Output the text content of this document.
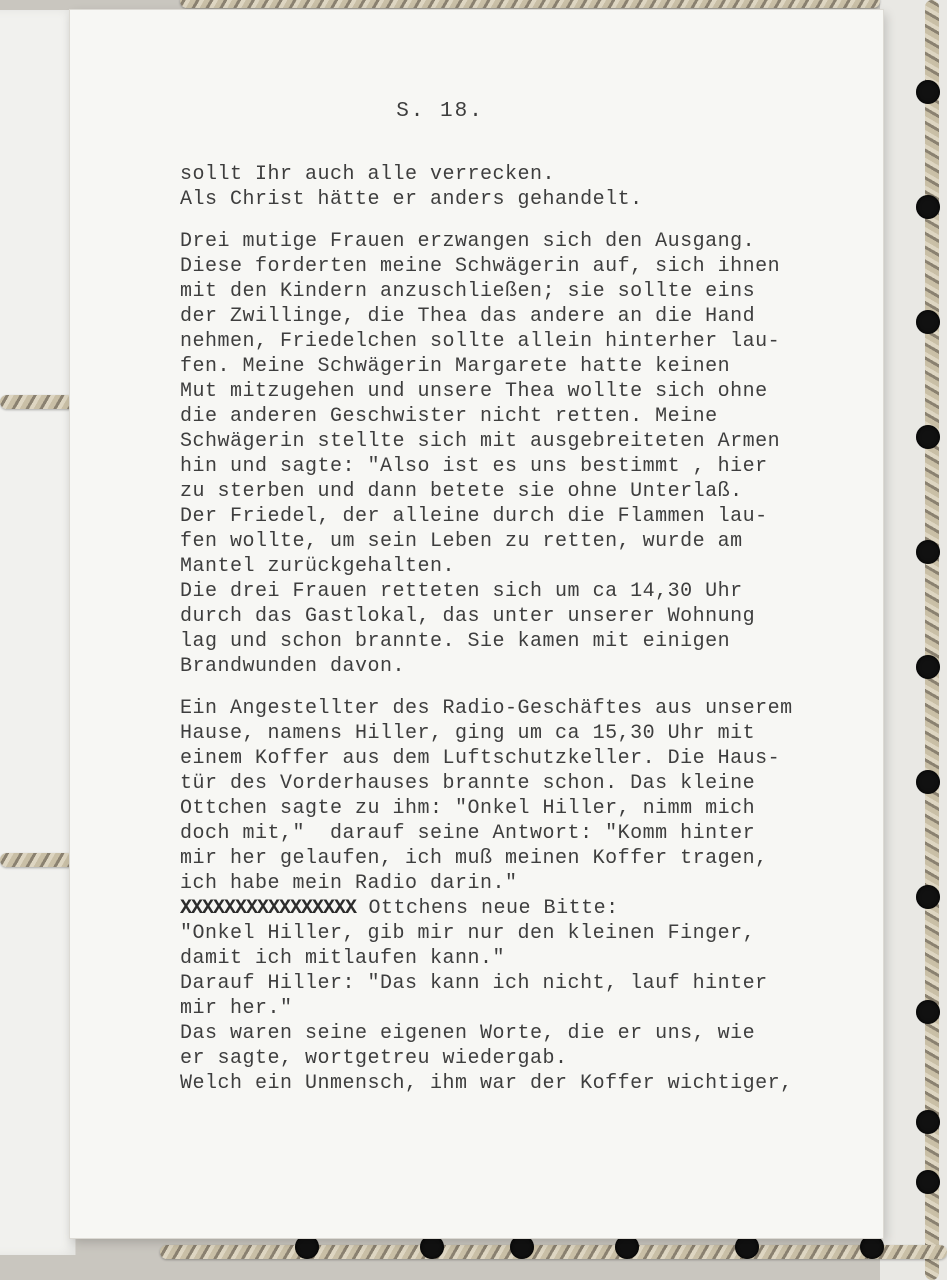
S. 18.

sollt Ihr auch alle verrecken.
Als Christ hätte er anders gehandelt.
Drei mutige Frauen erzwangen sich den Ausgang.
Diese forderten meine Schwägerin auf, sich ihnen
mit den Kindern anzuschließen; sie sollte eins
der Zwillinge, die Thea das andere an die Hand
nehmen, Friedelchen sollte allein hinterher lau-
fen. Meine Schwägerin Margarete hatte keinen
Mut mitzugehen und unsere Thea wollte sich ohne
die anderen Geschwister nicht retten. Meine
Schwägerin stellte sich mit ausgebreiteten Armen
hin und sagte: "Also ist es uns bestimmt , hier
zu sterben und dann betete sie ohne Unterlaß.
Der Friedel, der alleine durch die Flammen lau-
fen wollte, um sein Leben zu retten, wurde am
Mantel zurückgehalten.
Die drei Frauen retteten sich um ca 14,30 Uhr
durch das Gastlokal, das unter unserer Wohnung
lag und schon brannte. Sie kamen mit einigen
Brandwunden davon.
Ein Angestellter des Radio-Geschäftes aus unserem
Hause, namens Hiller, ging um ca 15,30 Uhr mit
einem Koffer aus dem Luftschutzkeller. Die Haus-
tür des Vorderhauses brannte schon. Das kleine
Ottchen sagte zu ihm: "Onkel Hiller, nimm mich
doch mit,"  darauf seine Antwort: "Komm hinter
mir her gelaufen, ich muß meinen Koffer tragen,
ich habe mein Radio darin."
XXXXXXXXXXXXXXXX Ottchens neue Bitte:
"Onkel Hiller, gib mir nur den kleinen Finger,
damit ich mitlaufen kann."
Darauf Hiller: "Das kann ich nicht, lauf hinter
mir her."
Das waren seine eigenen Worte, die er uns, wie
er sagte, wortgetreu wiedergab.
Welch ein Unmensch, ihm war der Koffer wichtiger,
